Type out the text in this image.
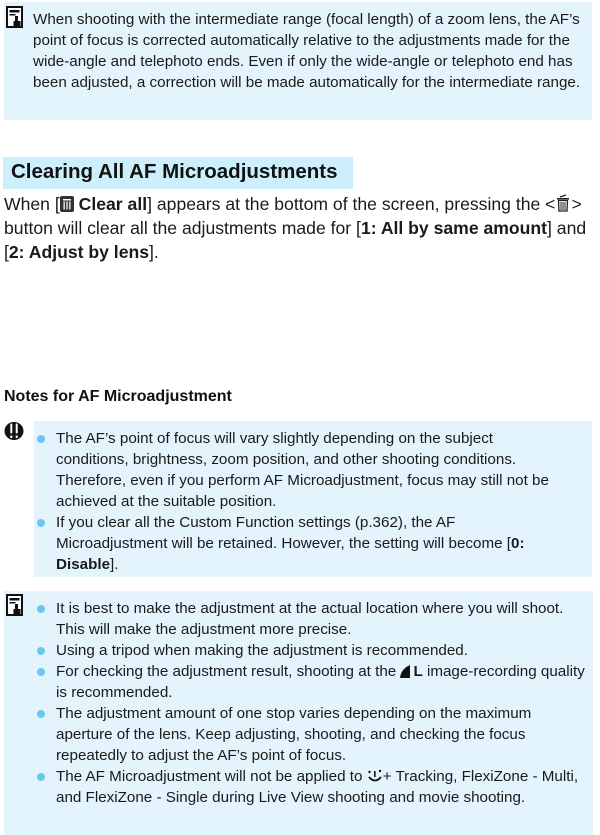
When shooting with the intermediate range (focal length) of a zoom lens, the AF’s point of focus is corrected automatically relative to the adjustments made for the wide-angle and telephoto ends. Even if only the wide-angle or telephoto end has been adjusted, a correction will be made automatically for the intermediate range.
Clearing All AF Microadjustments
When [ Clear all] appears at the bottom of the screen, pressing the < > button will clear all the adjustments made for [1: All by same amount] and [2: Adjust by lens].
Notes for AF Microadjustment
The AF’s point of focus will vary slightly depending on the subject conditions, brightness, zoom position, and other shooting conditions. Therefore, even if you perform AF Microadjustment, focus may still not be achieved at the suitable position.
If you clear all the Custom Function settings (p.362), the AF Microadjustment will be retained. However, the setting will become [0: Disable].
It is best to make the adjustment at the actual location where you will shoot. This will make the adjustment more precise.
Using a tripod when making the adjustment is recommended.
For checking the adjustment result, shooting at the L image-recording quality is recommended.
The adjustment amount of one stop varies depending on the maximum aperture of the lens. Keep adjusting, shooting, and checking the focus repeatedly to adjust the AF’s point of focus.
The AF Microadjustment will not be applied to + Tracking, FlexiZone - Multi, and FlexiZone - Single during Live View shooting and movie shooting.
